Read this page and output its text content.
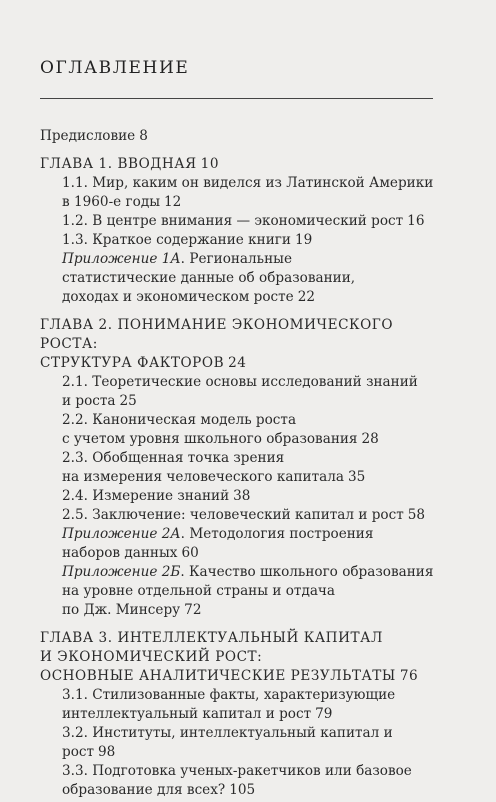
ОГЛАВЛЕНИЕ
Предисловие 8
ГЛАВА 1. ВВОДНАЯ 10
1.1. Мир, каким он виделся из Латинской Америки
в 1960-е годы 12
1.2. В центре внимания — экономический рост 16
1.3. Краткое содержание книги 19
Приложение 1А. Региональные
статистические данные об образовании,
доходах и экономическом росте 22
ГЛАВА 2. ПОНИМАНИЕ ЭКОНОМИЧЕСКОГО РОСТА:
СТРУКТУРА ФАКТОРОВ 24
2.1. Теоретические основы исследований знаний
и роста 25
2.2. Каноническая модель роста
с учетом уровня школьного образования 28
2.3. Обобщенная точка зрения
на измерения человеческого капитала 35
2.4. Измерение знаний 38
2.5. Заключение: человеческий капитал и рост 58
Приложение 2А. Методология построения
наборов данных 60
Приложение 2Б. Качество школьного образования
на уровне отдельной страны и отдача
по Дж. Минсеру 72
ГЛАВА 3. ИНТЕЛЛЕКТУАЛЬНЫЙ КАПИТАЛ
И ЭКОНОМИЧЕСКИЙ РОСТ:
ОСНОВНЫЕ АНАЛИТИЧЕСКИЕ РЕЗУЛЬТАТЫ 76
3.1. Стилизованные факты, характеризующие
интеллектуальный капитал и рост 79
3.2. Институты, интеллектуальный капитал и рост 98
3.3. Подготовка ученых-ракетчиков или базовое
образование для всех? 105
